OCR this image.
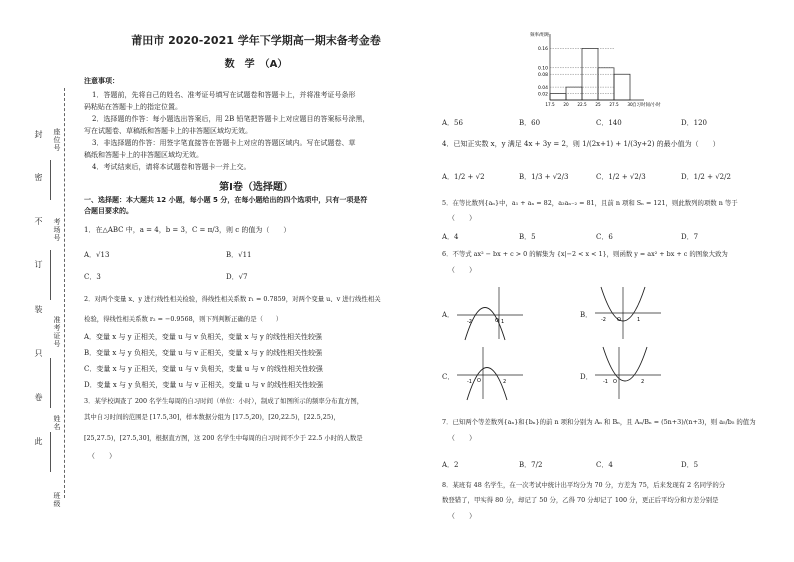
封
密
不
订
装
只
卷
此
座位号
考场号
准考证号
姓名
班级
莆田市 2020-2021 学年下学期高一期末备考金卷
数　学　（A）
注意事项：
1．答题前，先将自己的姓名、准考证号填写在试题卷和答题卡上，并将准考证号条形
码粘贴在答题卡上的指定位置。
2．选择题的作答：每小题选出答案后，用 2B 铅笔把答题卡上对应题目的答案标号涂黑，
写在试题卷、草稿纸和答题卡上的非答题区域均无效。
3．非选择题的作答：用签字笔直接答在答题卡上对应的答题区域内。写在试题卷、草
稿纸和答题卡上的非答题区域均无效。
4．考试结束后，请将本试题卷和答题卡一并上交。
第Ⅰ卷（选择题）
一、选择题：本大题共 12 小题，每小题 5 分，在每小题给出的四个选项中，只有一项是符
合题目要求的。
1．在△ABC 中，a = 4，b = 3，C = π/3，则 c 的值为（　　）
A．√13	B．√11
C．3	D．√7
2．对两个变量 x、y 进行线性相关检验，得线性相关系数 r₁ = 0.7859，对两个变量 u、v 进行线性相关
检验，得线性相关系数 r₂ = −0.9568，则下列判断正确的是（　　）
A．变量 x 与 y 正相关，变量 u 与 v 负相关，变量 x 与 y 的线性相关性较强
B．变量 x 与 y 负相关，变量 u 与 v 正相关，变量 x 与 y 的线性相关性较强
C．变量 x 与 y 正相关，变量 u 与 v 负相关，变量 u 与 v 的线性相关性较强
D．变量 x 与 y 负相关，变量 u 与 v 正相关，变量 u 与 v 的线性相关性较强
3．某学校调查了 200 名学生每周的自习时间（单位：小时），制成了如图所示的频率分布直方图，
其中自习时间的范围是 [17.5,30]，样本数据分组为 [17.5,20)，[20,22.5)，[22.5,25)，
[25,27.5)，[27.5,30]，根据直方图，这 200 名学生中每周的自习时间不少于 22.5 小时的人数是
（　　）
0.16
0.10
0.08
0.04
0.02
17.5 20 22.5 25 27.5 30
频率/组距
自习时间/小时
A．56	B．60	C．140	D．120
4．已知正实数 x，y 满足 4x + 3y = 2，则 1/(2x+1) + 1/(3y+2) 的最小值为（　　）
A．1/2 + √2	B．1/3 + √2/3	C．1/2 + √2/3	D．1/2 + √2/2
5．在等比数列{aₙ}中，a₁ + aₙ = 82，a₃aₙ₋₂ = 81，且前 n 项和 Sₙ = 121，则此数列的项数 n 等于
（　　）
A．4	B．5	C．6	D．7
6．不等式 ax² − bx + c > 0 的解集为 {x|−2 < x < 1}，则函数 y = ax² + bx + c 的图象大致为
（　　）
A．
-2	1
O
B．
-2	1
O
C．
-1	2
O	D．
-1	2
O
7．已知两个等差数列{aₙ}和{bₙ}的前 n 项和分别为 Aₙ 和 Bₙ，且 Aₙ/Bₙ = (5n+3)/(n+3)，则 a₅/b₅ 的值为
（　　）
A．2	B．7/2	C．4	D．5
8．某班有 48 名学生，在一次考试中统计出平均分为 70 分，方差为 75，后来发现有 2 名同学的分
数登错了，甲实得 80 分，却记了 50 分，乙得 70 分却记了 100 分，更正后平均分和方差分别是
（　　）
